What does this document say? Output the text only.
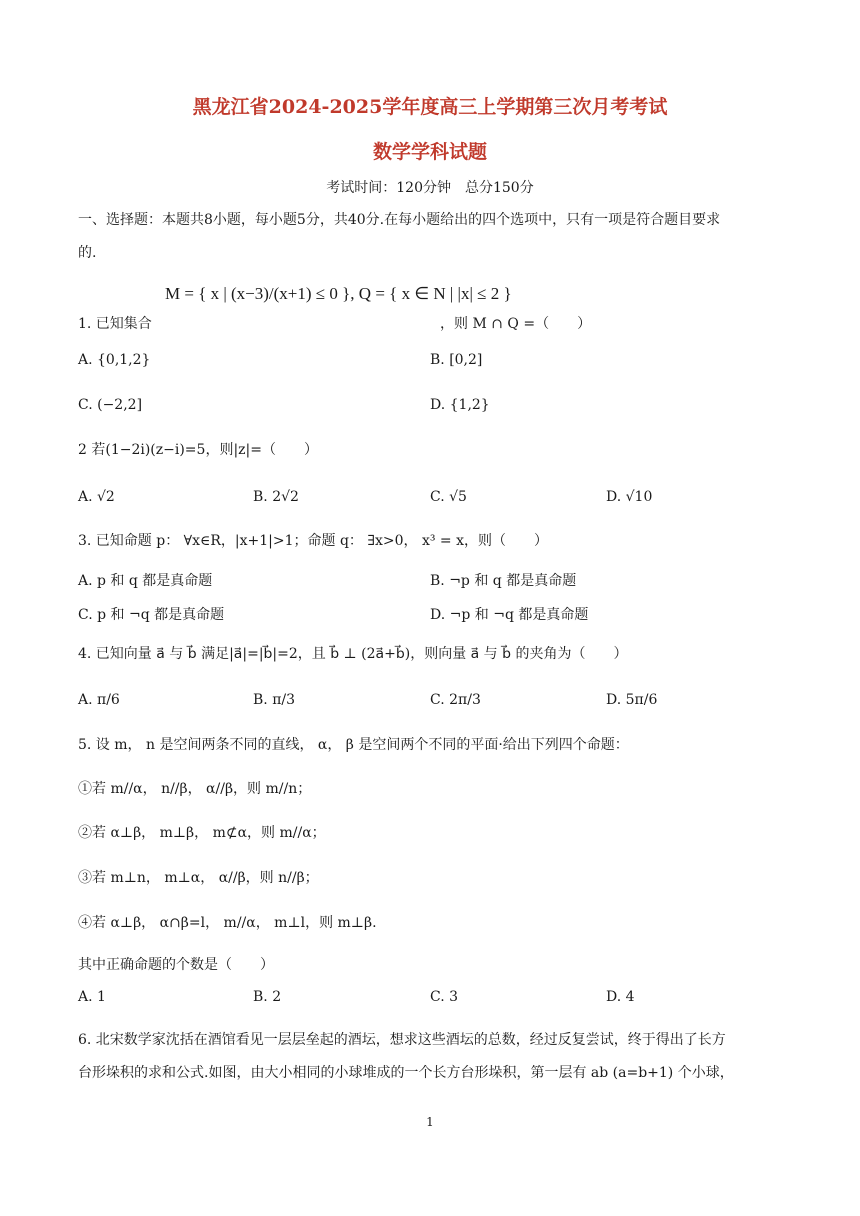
黑龙江省2024-2025学年度高三上学期第三次月考考试
数学学科试题
考试时间：120分钟　总分150分
一、选择题：本题共8小题，每小题5分，共40分.在每小题给出的四个选项中，只有一项是符合题目要求
的.
M = { x | (x−3)/(x+1) ≤ 0 }, Q = { x ∈ N | |x| ≤ 2 }
1. 已知集合	，则 M ∩ Q =（　　）
A. {0,1,2}	B. [0,2]
C. (−2,2]	D. {1,2}
2 若(1−2i)(z−i)=5，则|z|=（　　）
A. √2	B. 2√2	C. √5	D. √10
3. 已知命题 p： ∀x∈R，|x+1|>1；命题 q： ∃x>0， x³ = x，则（　　）
A. p 和 q 都是真命题	B. ¬p 和 q 都是真命题
C. p 和 ¬q 都是真命题	D. ¬p 和 ¬q 都是真命题
4. 已知向量 a⃗ 与 b⃗ 满足|a⃗|=|b⃗|=2，且 b⃗ ⊥ (2a⃗+b⃗)，则向量 a⃗ 与 b⃗ 的夹角为（　　）
A. π/6	B. π/3	C. 2π/3	D. 5π/6
5. 设 m， n 是空间两条不同的直线， α， β 是空间两个不同的平面·给出下列四个命题：
①若 m//α， n//β， α//β，则 m//n；
②若 α⊥β， m⊥β， m⊄α，则 m//α；
③若 m⊥n， m⊥α， α//β，则 n//β；
④若 α⊥β， α∩β=l， m//α， m⊥l，则 m⊥β.
其中正确命题的个数是（　　）
A. 1	B. 2	C. 3	D. 4
6. 北宋数学家沈括在酒馆看见一层层垒起的酒坛，想求这些酒坛的总数，经过反复尝试，终于得出了长方
台形垛积的求和公式.如图，由大小相同的小球堆成的一个长方台形垛积，第一层有 ab (a=b+1) 个小球，
1
